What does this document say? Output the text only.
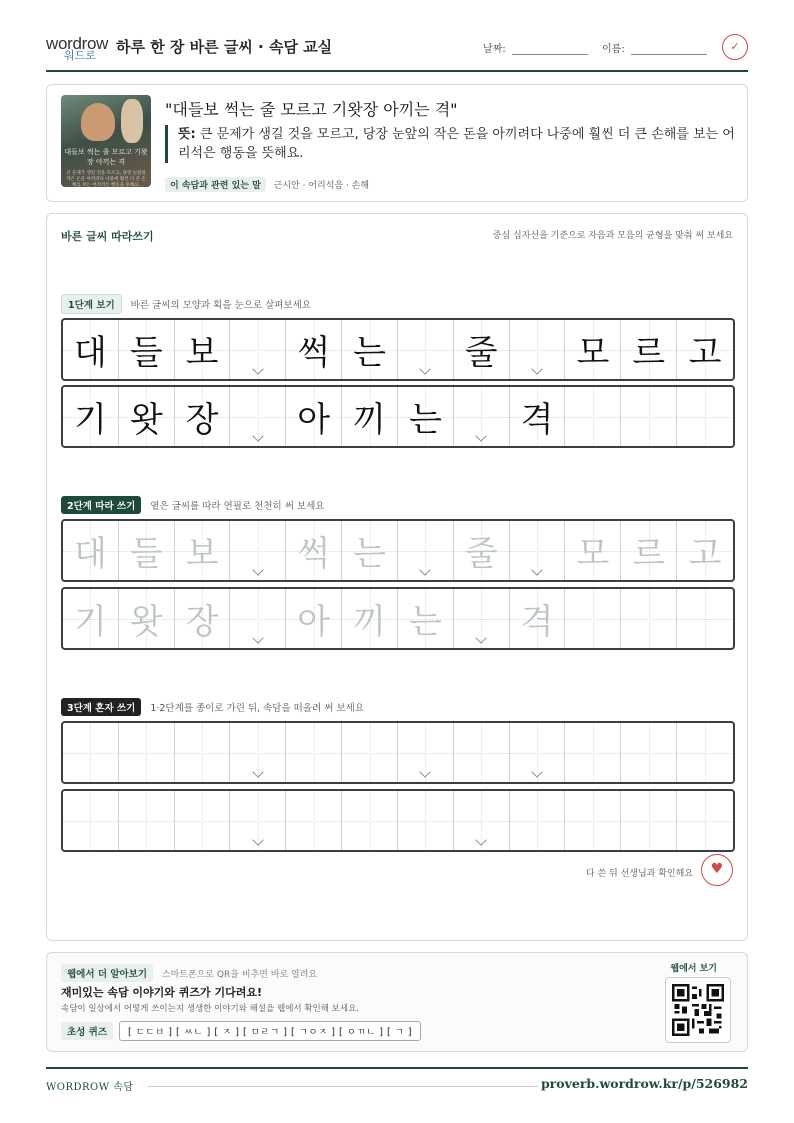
wordrow
워드로 하루 한 장 바른 글씨 · 속담 교실	날짜:	이름:	✓
대들보 썩는 줄 모르고 기왓장 아끼는 격
큰 문제가 생길 것을 모르고, 당장 눈앞의 작은 돈을 아끼려다 나중에 훨씬 더 큰 손해를 보는 어리석은 행동을 뜻해요.
"대들보 썩는 줄 모르고 기왓장 아끼는 격"
뜻: 큰 문제가 생길 것을 모르고, 당장 눈앞의 작은 돈을 아끼려다 나중에 훨씬 더 큰 손해를 보는 어리석은 행동을 뜻해요.
이 속담과 관련 있는 말 근시안 · 어리석음 · 손해
바른 글씨 따라쓰기	중심 십자선을 기준으로 자음과 모음의 균형을 맞춰 써 보세요
1단계 보기 바른 글씨의 모양과 획을 눈으로 살펴보세요
대 들 보 썩 는 줄 모 르 고
기 왓 장 아 끼 는 격
2단계 따라 쓰기 옅은 글씨를 따라 연필로 천천히 써 보세요
대 들 보 썩 는 줄 모 르 고
기 왓 장 아 끼 는 격
3단계 혼자 쓰기 1·2단계를 종이로 가린 뒤, 속담을 떠올려 써 보세요
다 쓴 뒤 선생님과 확인해요	♥
웹에서 더 알아보기 스마트폰으로 QR을 비추면 바로 열려요
재미있는 속담 이야기와 퀴즈가 기다려요!
속담이 일상에서 어떻게 쓰이는지 생생한 이야기와 해설을 웹에서 확인해 보세요.
초성 퀴즈	[ ㄷㄷㅂ ] [ ㅆㄴ ] [ ㅈ ] [ ㅁㄹㄱ ] [ ㄱㅇㅈ ] [ ㅇㄲㄴ ] [ ㄱ ]
웹에서 보기
WORDROW 속담	proverb.wordrow.kr/p/526982
